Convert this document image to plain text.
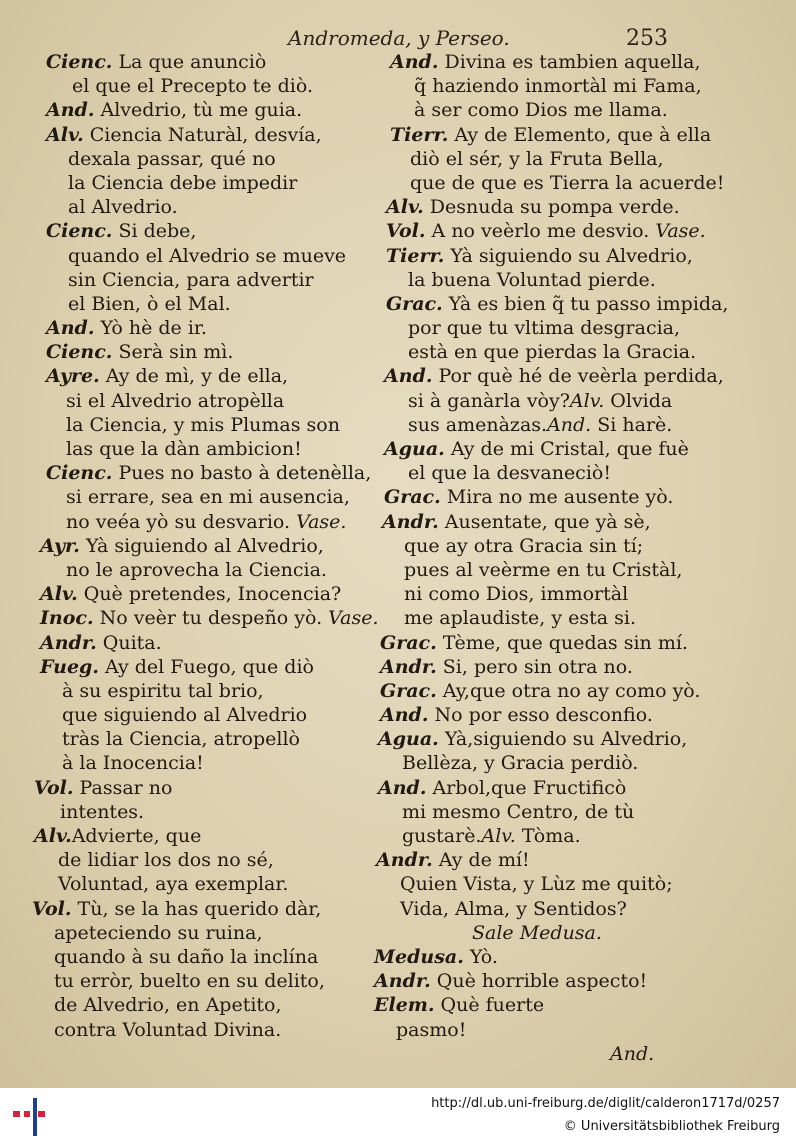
Andromeda, y Perseo.	253
Cienc. La que anunciò
el que el Precepto te diò.
And. Alvedrio, tù me guia.
Alv. Ciencia Naturàl, desvía,
dexala passar, qué no
la Ciencia debe impedir
al Alvedrio.
Cienc. Si debe,
quando el Alvedrio se mueve
sin Ciencia, para advertir
el Bien, ò el Mal.
And. Yò hè de ir.
Cienc. Serà sin mì.
Ayre. Ay de mì, y de ella,
si el Alvedrio atropèlla
la Ciencia, y mis Plumas son
las que la dàn ambicion!
Cienc. Pues no basto à detenèlla,
si errare, sea en mi ausencia,
no veéa yò su desvario. Vase.
Ayr. Yà siguiendo al Alvedrio,
no le aprovecha la Ciencia.
Alv. Què pretendes, Inocencia?
Inoc. No veèr tu despeño yò. Vase.
Andr. Quita.
Fueg. Ay del Fuego, que diò
à su espiritu tal brio,
que siguiendo al Alvedrio
tràs la Ciencia, atropellò
à la Inocencia!
Vol. Passar no
intentes.
Alv.Advierte, que
de lidiar los dos no sé,
Voluntad, aya exemplar.
Vol. Tù, se la has querido dàr,
apeteciendo su ruina,
quando à su daño la inclína
tu erròr, buelto en su delito,
de Alvedrio, en Apetito,
contra Voluntad Divina.
And. Divina es tambien aquella,
q̃ haziendo inmortàl mi Fama,
à ser como Dios me llama.
Tierr. Ay de Elemento, que à ella
diò el sér, y la Fruta Bella,
que de que es Tierra la acuerde!
Alv. Desnuda su pompa verde.
Vol. A no veèrlo me desvio. Vase.
Tierr. Yà siguiendo su Alvedrio,
la buena Voluntad pierde.
Grac. Yà es bien q̃ tu passo impida,
por que tu vltima desgracia,
està en que pierdas la Gracia.
And. Por què hé de veèrla perdida,
si à ganàrla vòy?Alv. Olvida
sus amenàzas.And. Si harè.
Agua. Ay de mi Cristal, que fuè
el que la desvaneciò!
Grac. Mira no me ausente yò.
Andr. Ausentate, que yà sè,
que ay otra Gracia sin tí;
pues al veèrme en tu Cristàl,
ni como Dios, immortàl
me aplaudiste, y esta si.
Grac. Tème, que quedas sin mí.
Andr. Si, pero sin otra no.
Grac. Ay,que otra no ay como yò.
And. No por esso desconfio.
Agua. Yà,siguiendo su Alvedrio,
Bellèza, y Gracia perdiò.
And. Arbol,que Fructificò
mi mesmo Centro, de tù
gustarè.Alv. Tòma.
Andr. Ay de mí!
Quien Vista, y Lùz me quitò;
Vida, Alma, y Sentidos?
Sale Medusa.
Medusa. Yò.
Andr. Què horrible aspecto!
Elem. Què fuerte
pasmo!
And.
http://dl.ub.uni-freiburg.de/diglit/calderon1717d/0257
© Universitätsbibliothek Freiburg
